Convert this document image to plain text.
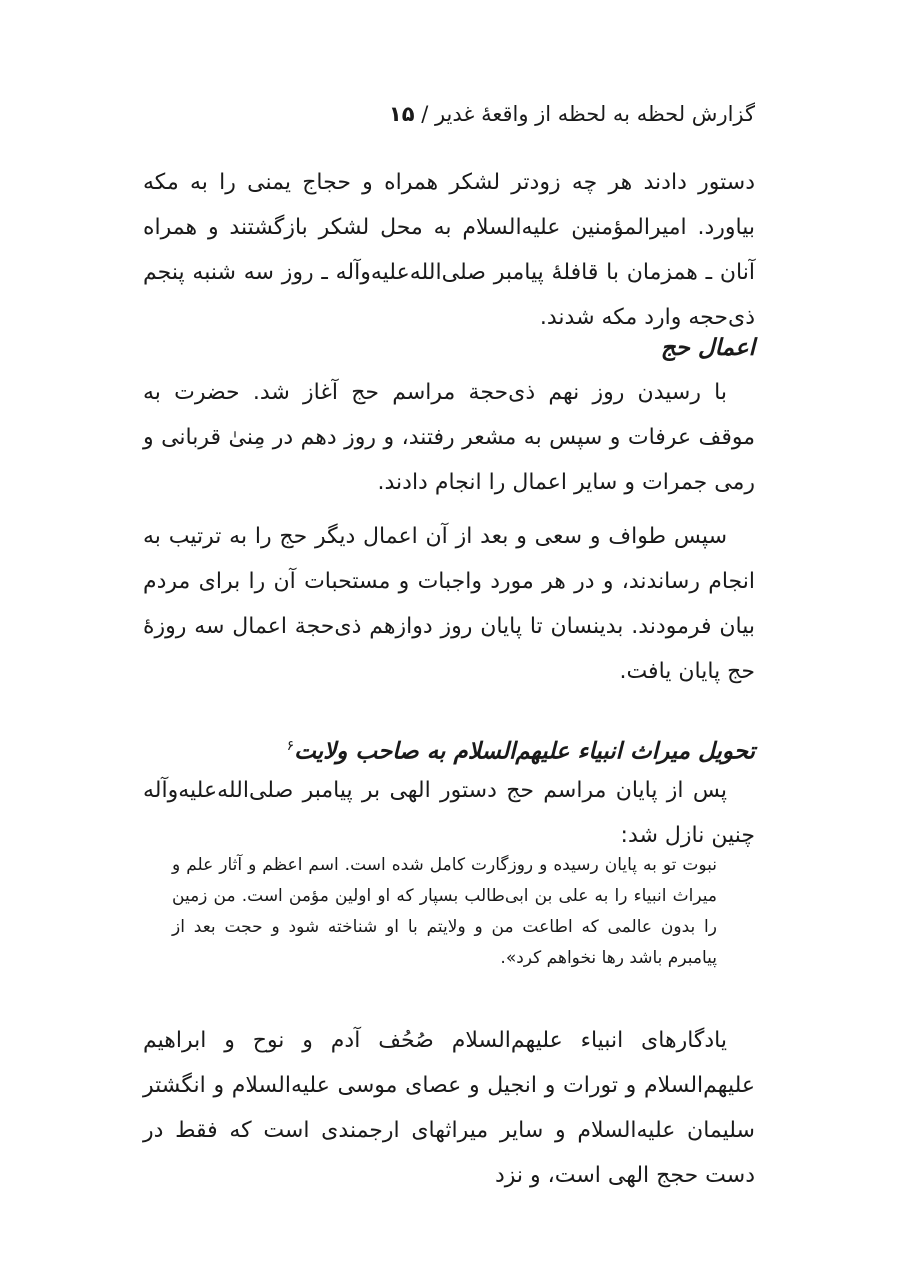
گزارش لحظه به لحظه از واقعهٔ غدیر / ۱۵

دستور دادند هر چه زودتر لشکر همراه و حجاج یمنی را به مکه بیاورد. امیرالمؤمنین علیه‌السلام به محل لشکر بازگشتند و همراه آنان ـ همزمان با قافلهٔ پیامبر صلی‌الله‌علیه‌وآله ـ روز سه شنبه پنجم ذی‌حجه وارد مکه شدند.

اعمال حج

با رسیدن روز نهم ذی‌حجة مراسم حج آغاز شد. حضرت به موقف عرفات و سپس به مشعر رفتند، و روز دهم در مِنیٰ قربانی و رمی جمرات و سایر اعمال را انجام دادند.

سپس طواف و سعی و بعد از آن اعمال دیگر حج را به ترتیب به انجام رساندند، و در هر مورد واجبات و مستحبات آن را برای مردم بیان فرمودند. بدینسان تا پایان روز دوازهم ذی‌حجة اعمال سه روزهٔ حج پایان یافت.

تحویل میراث انبیاء علیهم‌السلام به صاحب ولایت$^۶$

پس از پایان مراسم حج دستور الهی بر پیامبر صلی‌الله‌علیه‌وآله چنین نازل شد:

نبوت تو به پایان رسیده و روزگارت کامل شده است. اسم اعظم و آثار علم و میراث انبیاء را به علی بن ابی‌طالب بسپار که او اولین مؤمن است. من زمین را بدون عالمی که اطاعت من و ولایتم با او شناخته شود و حجت بعد از پیامبرم باشد رها نخواهم کرد».

یادگارهای انبیاء علیهم‌السلام صُحُف آدم و نوح و ابراهیم علیهم‌السلام و تورات و انجیل و عصای موسی علیه‌السلام و انگشتر سلیمان علیه‌السلام و سایر میراثهای ارجمندی است که فقط در دست حجج الهی است، و نزد
